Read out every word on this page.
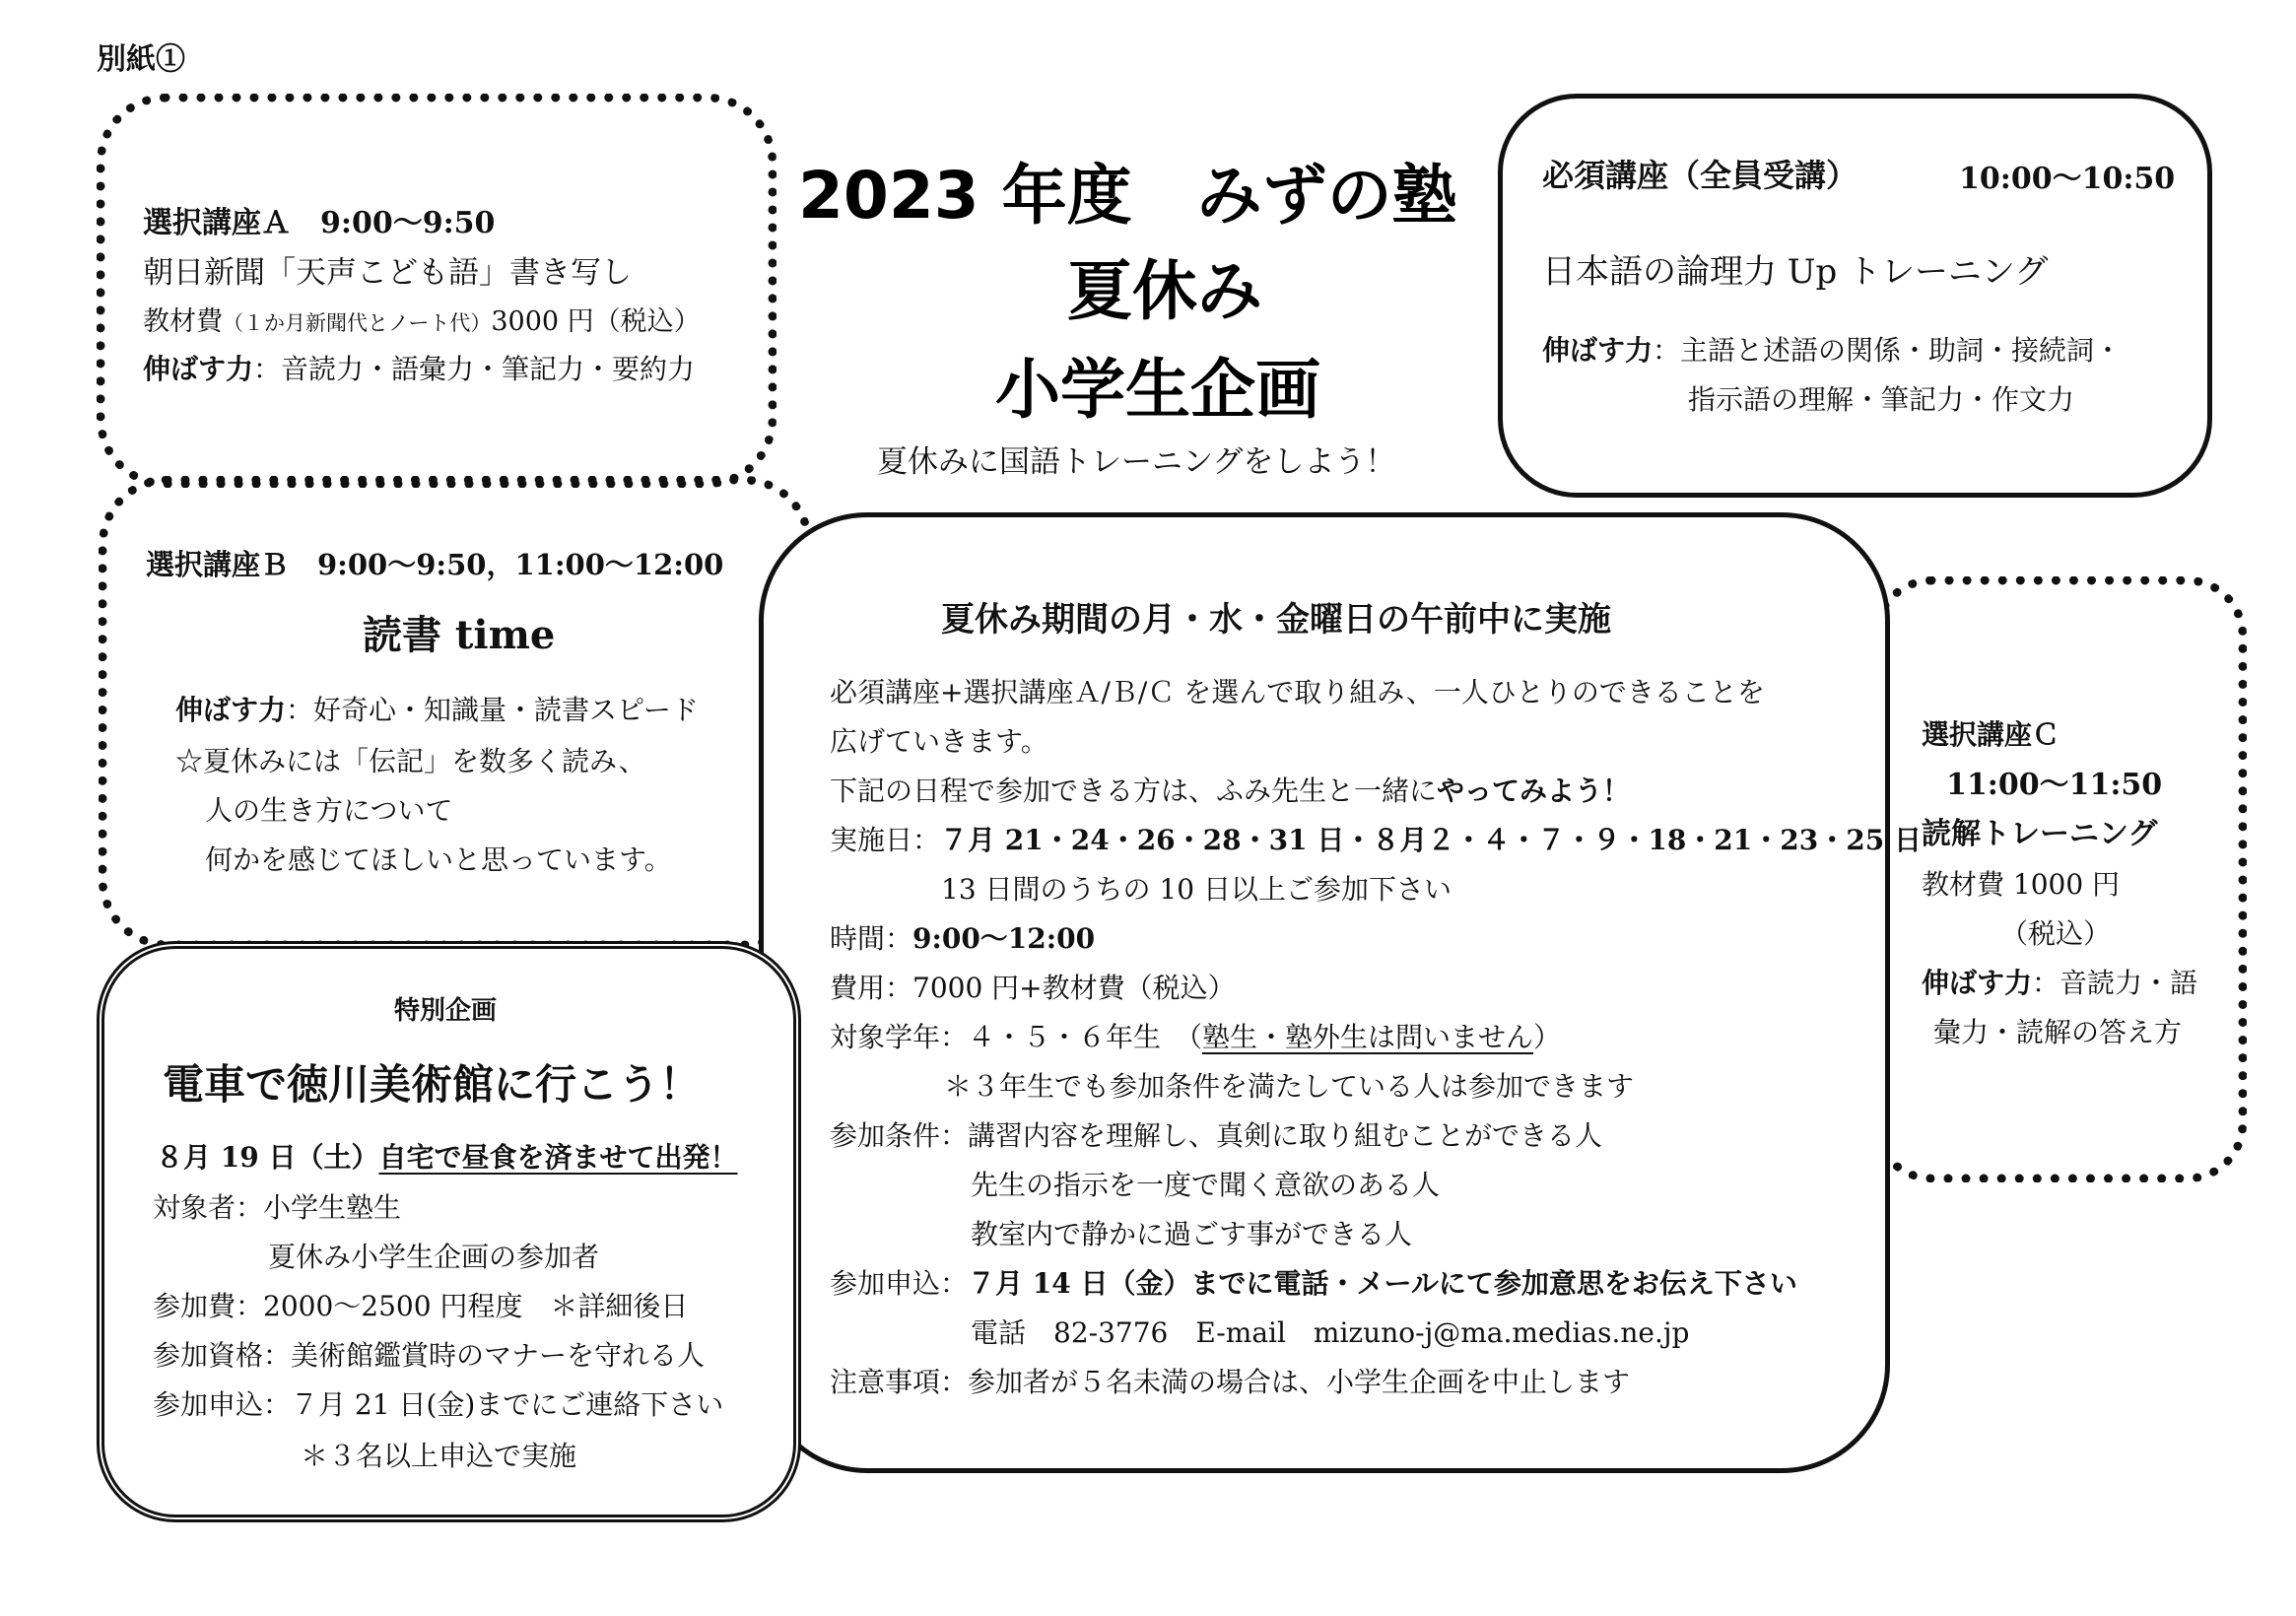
別紙①
2023 年度　みずの塾
夏休み
小学生企画
夏休みに国語トレーニングをしよう！
選択講座Ａ　9:00～9:50
朝日新聞「天声こども語」書き写し
教材費（１か月新聞代とノート代）3000 円（税込）
伸ばす力：音読力・語彙力・筆記力・要約力
選択講座Ｂ　9:00～9:50，11:00～12:00
読書 time
伸ばす力：好奇心・知識量・読書スピード
☆夏休みには「伝記」を数多く読み、
人の生き方について
何かを感じてほしいと思っています。
必須講座（全員受講）	10:00～10:50
日本語の論理力 Up トレーニング
伸ばす力：主語と述語の関係・助詞・接続詞・
指示語の理解・筆記力・作文力
選択講座Ｃ
11:00～11:50
読解トレーニング
教材費 1000 円
（税込）
伸ばす力：音読力・語
彙力・読解の答え方
夏休み期間の月・水・金曜日の午前中に実施
必須講座+選択講座Ａ/Ｂ/Ｃ を選んで取り組み、一人ひとりのできることを
広げていきます。
下記の日程で参加できる方は、ふみ先生と一緒にやってみよう！
実施日：７月 21・24・26・28・31 日・８月２・４・７・９・18・21・23・25 日
13 日間のうちの 10 日以上ご参加下さい
時間：9:00～12:00
費用：7000 円+教材費（税込）
対象学年：４・５・６年生　（塾生・塾外生は問いません）
＊３年生でも参加条件を満たしている人は参加できます
参加条件：講習内容を理解し、真剣に取り組むことができる人
先生の指示を一度で聞く意欲のある人
教室内で静かに過ごす事ができる人
参加申込：７月 14 日（金）までに電話・メールにて参加意思をお伝え下さい
電話　82-3776　E-mail　mizuno-j@ma.medias.ne.jp
注意事項：参加者が５名未満の場合は、小学生企画を中止します
特別企画
電車で徳川美術館に行こう！
８月 19 日（土）自宅で昼食を済ませて出発！
対象者：小学生塾生
夏休み小学生企画の参加者
参加費：2000～2500 円程度　＊詳細後日
参加資格：美術館鑑賞時のマナーを守れる人
参加申込：７月 21 日(金)までにご連絡下さい
＊３名以上申込で実施
